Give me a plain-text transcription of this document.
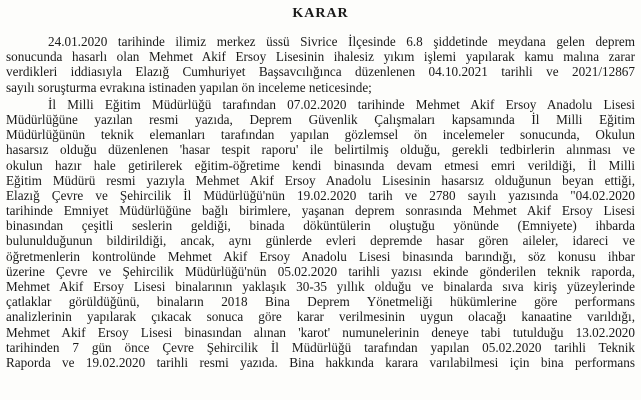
KARAR
24.01.2020 tarihinde ilimiz merkez üssü Sivrice İlçesinde 6.8 şiddetinde meydana gelen deprem
sonucunda hasarlı olan Mehmet Akif Ersoy Lisesinin ihalesiz yıkım işlemi yapılarak kamu malına zarar
verdikleri iddiasıyla Elazığ Cumhuriyet Başsavcılığınca düzenlenen 04.10.2021 tarihli ve 2021/12867
sayılı soruşturma evrakına istinaden yapılan ön inceleme neticesinde;
İl Milli Eğitim Müdürlüğü tarafından 07.02.2020 tarihinde Mehmet Akif Ersoy Anadolu Lisesi
Müdürlüğüne yazılan resmi yazıda, Deprem Güvenlik Çalışmaları kapsamında İl Milli Eğitim
Müdürlüğünün teknik elemanları tarafından yapılan gözlemsel ön incelemeler sonucunda, Okulun
hasarsız olduğu düzenlenen 'hasar tespit raporu' ile belirtilmiş olduğu, gerekli tedbirlerin alınması ve
okulun hazır hale getirilerek eğitim-öğretime kendi binasında devam etmesi emri verildiği, İl Milli
Eğitim Müdürü resmi yazıyla Mehmet Akif Ersoy Anadolu Lisesinin hasarsız olduğunun beyan ettiği,
Elazığ Çevre ve Şehircilik İl Müdürlüğü'nün 19.02.2020 tarih ve 2780 sayılı yazısında "04.02.2020
tarihinde Emniyet Müdürlüğüne bağlı birimlere, yaşanan deprem sonrasında Mehmet Akif Ersoy Lisesi
binasından çeşitli seslerin geldiği, binada döküntülerin oluştuğu yönünde (Emniyete) ihbarda
bulunulduğunun bildirildiği, ancak, aynı günlerde evleri depremde hasar gören aileler, idareci ve
öğretmenlerin kontrolünde Mehmet Akif Ersoy Anadolu Lisesi binasında barındığı, söz konusu ihbar
üzerine Çevre ve Şehircilik Müdürlüğü'nün 05.02.2020 tarihli yazısı ekinde gönderilen teknik raporda,
Mehmet Akif Ersoy Lisesi binalarının yaklaşık 30-35 yıllık olduğu ve binalarda sıva kiriş yüzeylerinde
çatlaklar görüldüğünü, binaların 2018 Bina Deprem Yönetmeliği hükümlerine göre performans
analizlerinin yapılarak çıkacak sonuca göre karar verilmesinin uygun olacağı kanaatine varıldığı,
Mehmet Akif Ersoy Lisesi binasından alınan 'karot' numunelerinin deneye tabi tutulduğu 13.02.2020
tarihinden 7 gün önce Çevre Şehircilik İl Müdürlüğü tarafından yapılan 05.02.2020 tarihli Teknik
Raporda ve 19.02.2020 tarihli resmi yazıda. Bina hakkında karara varılabilmesi için bina performans
